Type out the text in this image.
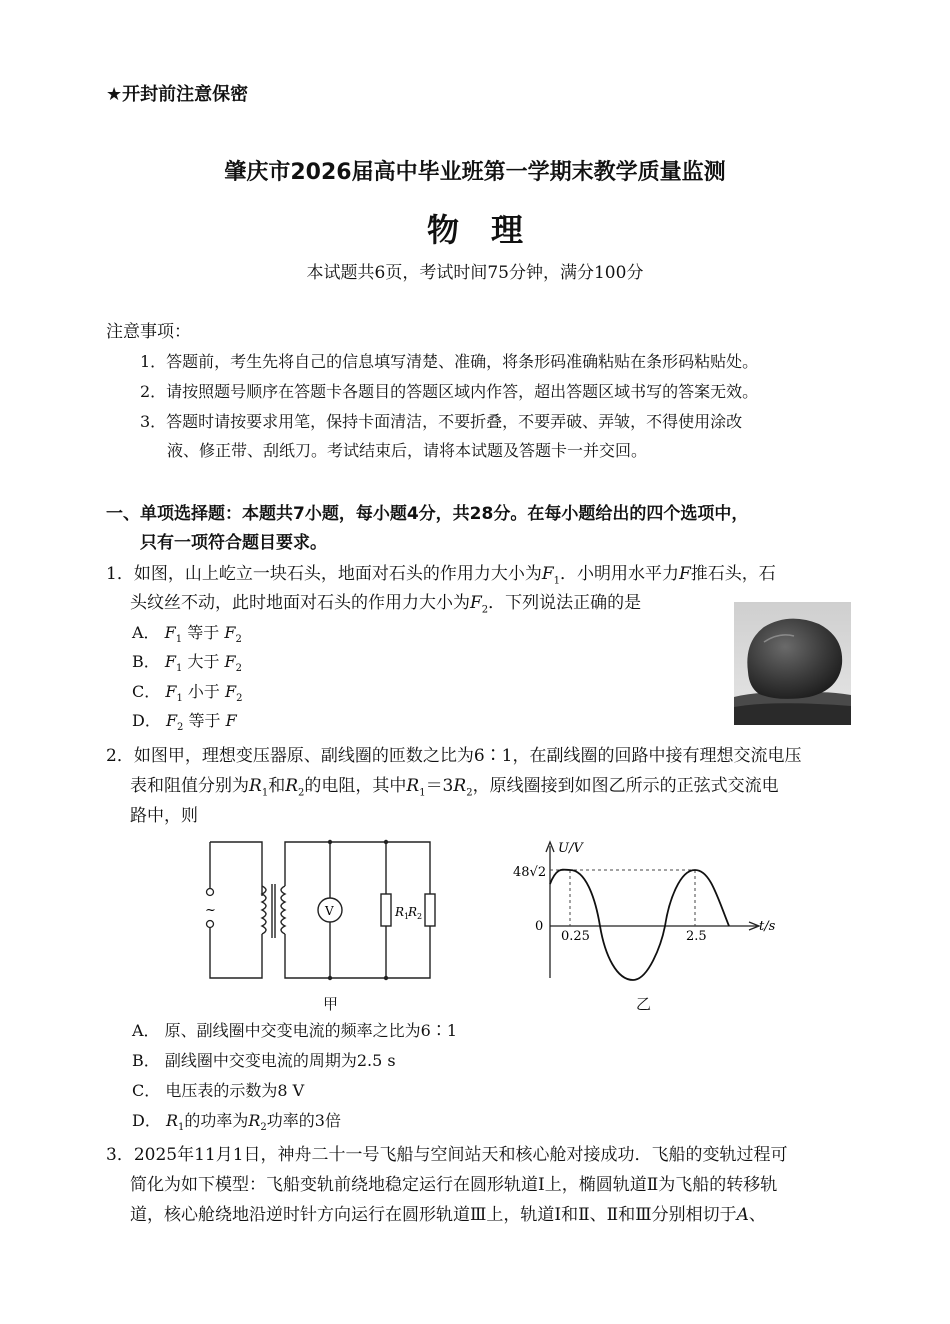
★开封前注意保密
肇庆市2026届高中毕业班第一学期末教学质量监测
物　理
本试题共6页，考试时间75分钟，满分100分
注意事项：
1．答题前，考生先将自己的信息填写清楚、准确，将条形码准确粘贴在条形码粘贴处。
2．请按照题号顺序在答题卡各题目的答题区域内作答，超出答题区域书写的答案无效。
3．答题时请按要求用笔，保持卡面清洁，不要折叠，不要弄破、弄皱，不得使用涂改
液、修正带、刮纸刀。考试结束后，请将本试题及答题卡一并交回。
一、单项选择题：本题共7小题，每小题4分，共28分。在每小题给出的四个选项中，
只有一项符合题目要求。
1．如图，山上屹立一块石头，地面对石头的作用力大小为$F_1$．小明用水平力F推石头，石
头纹丝不动，此时地面对石头的作用力大小为$F_2$．下列说法正确的是
A． $F_1$ 等于 $F_2$
B． $F_1$ 大于 $F_2$
C． $F_1$ 小于 $F_2$
D． $F_2$ 等于 F
2．如图甲，理想变压器原、副线圈的匝数之比为6∶1，在副线圈的回路中接有理想交流电压
表和阻值分别为$R_1$和$R_2$的电阻，其中$R_1=3R_2$，原线圈接到如图乙所示的正弦式交流电
路中，则
~	V	$R_1$
$R_2$
甲
48√2
0
0.25	2.5
U/V
t/s
乙
A． 原、副线圈中交变电流的频率之比为6∶1
B． 副线圈中交变电流的周期为2.5 s
C． 电压表的示数为8 V
D． $R_1$的功率为$R_2$功率的3倍
3．2025年11月1日，神舟二十一号飞船与空间站天和核心舱对接成功．飞船的变轨过程可
简化为如下模型：飞船变轨前绕地稳定运行在圆形轨道Ⅰ上，椭圆轨道Ⅱ为飞船的转移轨
道，核心舱绕地沿逆时针方向运行在圆形轨道Ⅲ上，轨道Ⅰ和Ⅱ、Ⅱ和Ⅲ分别相切于A、
